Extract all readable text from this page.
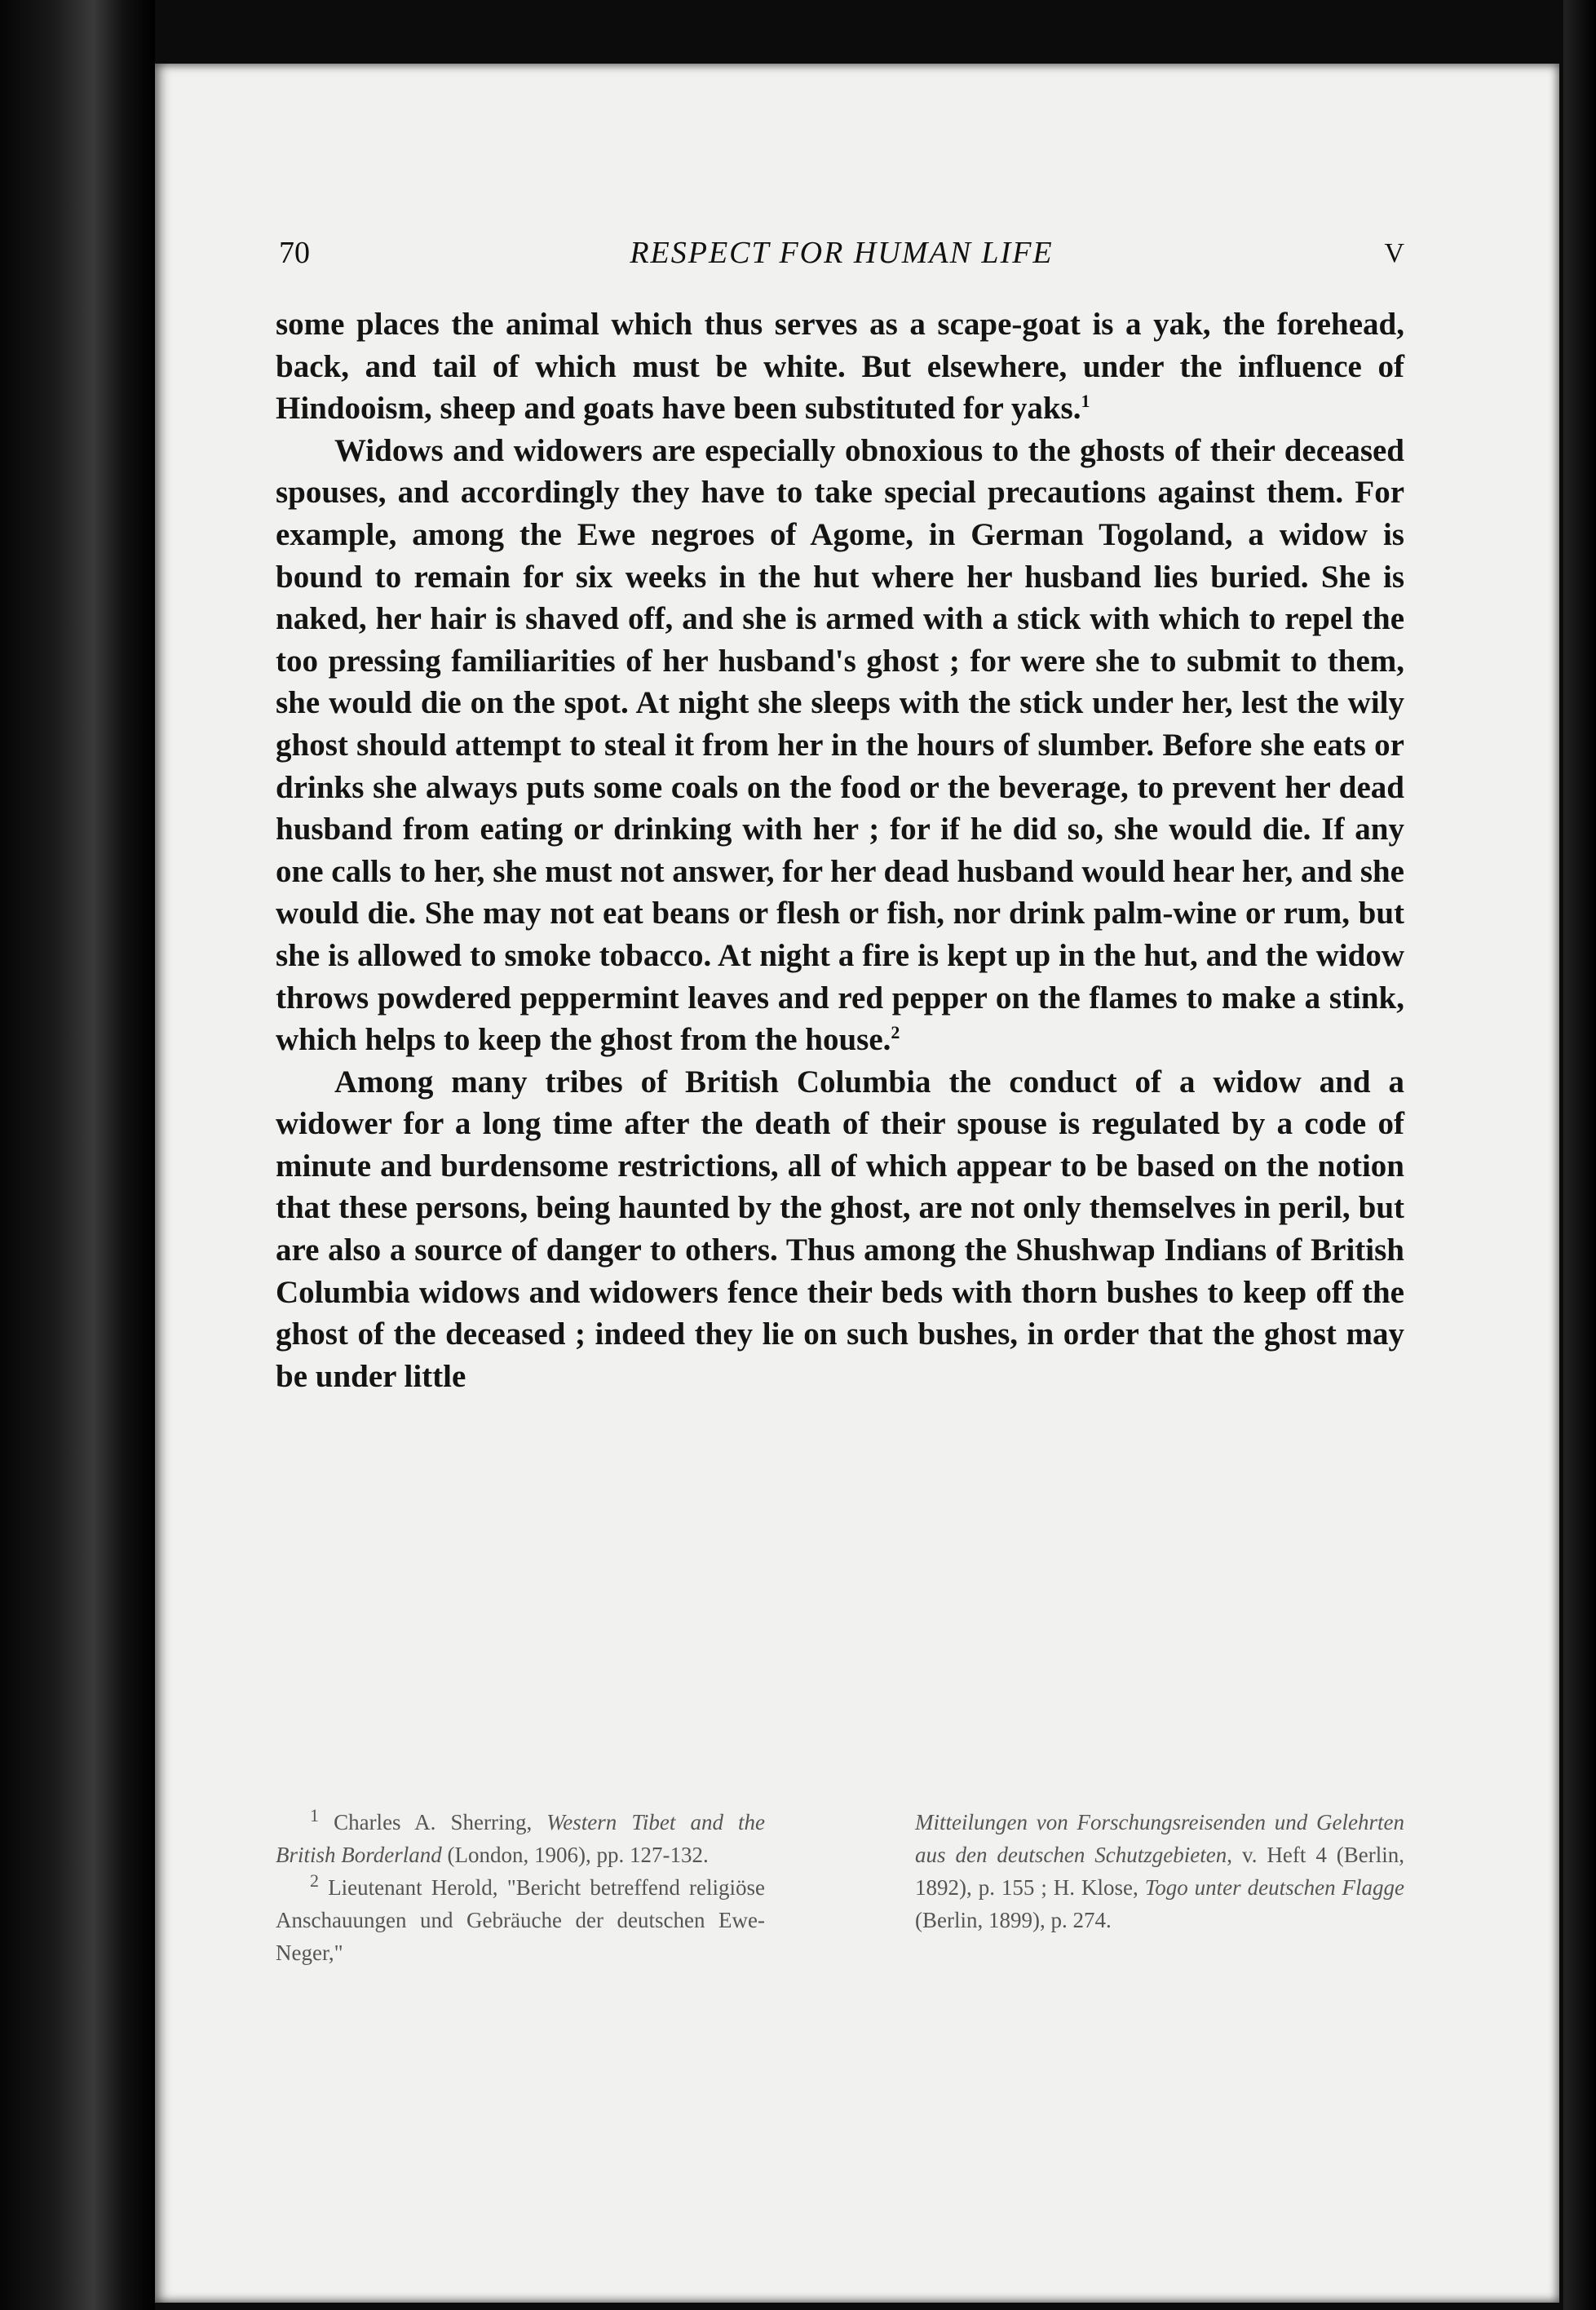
70	RESPECT FOR HUMAN LIFE	V

some places the animal which thus serves as a scape-goat is a yak, the forehead, back, and tail of which must be white. But elsewhere, under the influence of Hindooism, sheep and goats have been substituted for yaks.$^1$

Widows and widowers are especially obnoxious to the ghosts of their deceased spouses, and accordingly they have to take special precautions against them. For example, among the Ewe negroes of Agome, in German Togoland, a widow is bound to remain for six weeks in the hut where her husband lies buried. She is naked, her hair is shaved off, and she is armed with a stick with which to repel the too pressing familiarities of her husband's ghost ; for were she to submit to them, she would die on the spot. At night she sleeps with the stick under her, lest the wily ghost should attempt to steal it from her in the hours of slumber. Before she eats or drinks she always puts some coals on the food or the beverage, to prevent her dead husband from eating or drinking with her ; for if he did so, she would die. If any one calls to her, she must not answer, for her dead husband would hear her, and she would die. She may not eat beans or flesh or fish, nor drink palm-wine or rum, but she is allowed to smoke tobacco. At night a fire is kept up in the hut, and the widow throws powdered peppermint leaves and red pepper on the flames to make a stink, which helps to keep the ghost from the house.$^2$

Among many tribes of British Columbia the conduct of a widow and a widower for a long time after the death of their spouse is regulated by a code of minute and burdensome restrictions, all of which appear to be based on the notion that these persons, being haunted by the ghost, are not only themselves in peril, but are also a source of danger to others. Thus among the Shushwap Indians of British Columbia widows and widowers fence their beds with thorn bushes to keep off the ghost of the deceased ; indeed they lie on such bushes, in order that the ghost may be under little

$^1$ Charles A. Sherring, Western Tibet and the British Borderland (London, 1906), pp. 127-132.

$^2$ Lieutenant Herold, "Bericht betreffend religiöse Anschauungen und Gebräuche der deutschen Ewe-Neger,"

Mitteilungen von Forschungsreisenden und Gelehrten aus den deutschen Schutzgebieten, v. Heft 4 (Berlin, 1892), p. 155 ; H. Klose, Togo unter deutschen Flagge (Berlin, 1899), p. 274.
